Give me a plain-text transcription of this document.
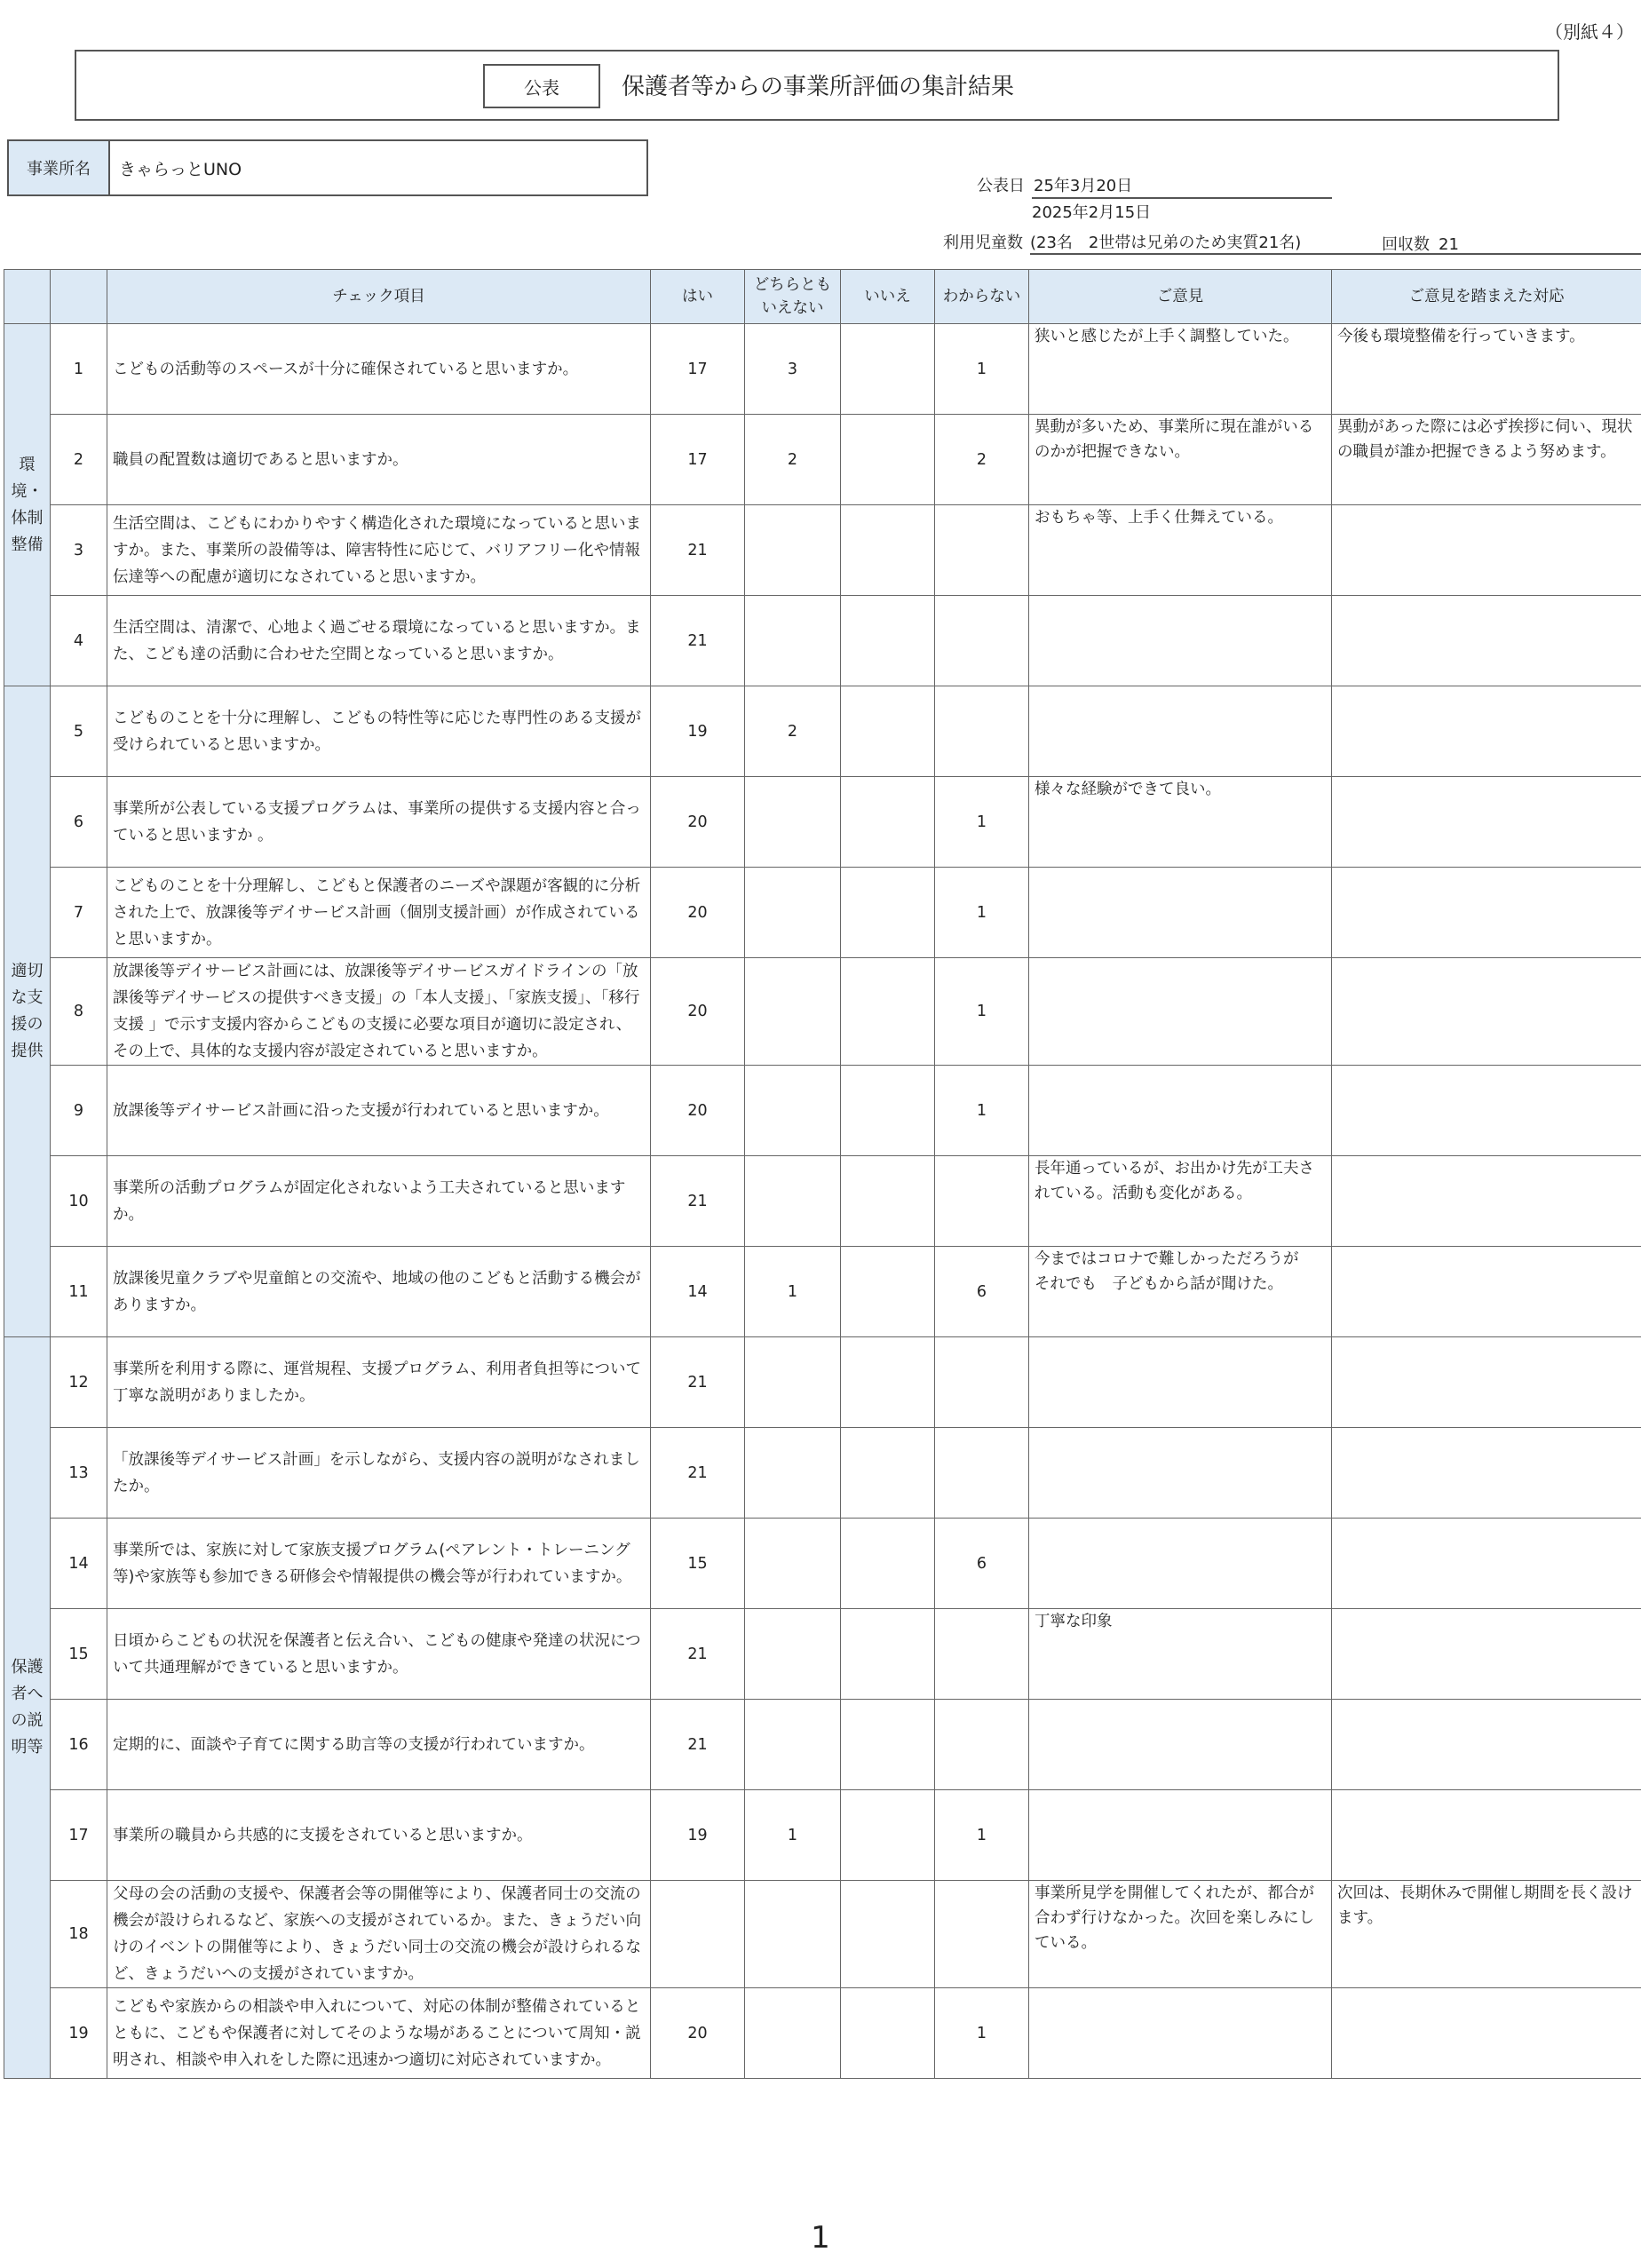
（別紙４）
公表	保護者等からの事業所評価の集計結果
事業所名	きゃらっとUNO
公表日 25年3月20日
2025年2月15日
利用児童数 (23名　2世帯は兄弟のため実質21名)	回収数 21
		チェック項目	はい	どちらとも
いえない	いいえ	わからない	ご意見	ご意見を踏まえた対応
環
境・
体制
整備	1	こどもの活動等のスペースが十分に確保されていると思いますか。	17	3		1	狭いと感じたが上手く調整していた。	今後も環境整備を行っていきます。
	2	職員の配置数は適切であると思いますか。	17	2		2	異動が多いため、事業所に現在誰がいるのかが把握できない。	異動があった際には必ず挨拶に伺い、現状の職員が誰か把握できるよう努めます。
	3	生活空間は、こどもにわかりやすく構造化された環境になっていると思いますか。また、事業所の設備等は、障害特性に応じて、バリアフリー化や情報伝達等への配慮が適切になされていると思いますか。	21				おもちゃ等、上手く仕舞えている。	
	4	生活空間は、清潔で、心地よく過ごせる環境になっていると思いますか。また、こども達の活動に合わせた空間となっていると思いますか。	21					
適切
な支
援の
提供	5	こどものことを十分に理解し、こどもの特性等に応じた専門性のある支援が受けられていると思いますか。	19	2				
	6	事業所が公表している支援プログラムは、事業所の提供する支援内容と合っていると思いますか 。	20			1	様々な経験ができて良い。	
	7	こどものことを十分理解し、こどもと保護者のニーズや課題が客観的に分析された上で、放課後等デイサービス計画（個別支援計画）が作成されていると思いますか。	20			1		
	8	放課後等デイサービス計画には、放課後等デイサービスガイドラインの「放課後等デイサービスの提供すべき支援」の「本人支援」、「家族支援」、「移行支援 」で示す支援内容からこどもの支援に必要な項目が適切に設定され、その上で、具体的な支援内容が設定されていると思いますか。	20			1		
	9	放課後等デイサービス計画に沿った支援が行われていると思いますか。	20			1		
	10	事業所の活動プログラムが固定化されないよう工夫されていると思いますか。	21				長年通っているが、お出かけ先が工夫されている。活動も変化がある。	
	11	放課後児童クラブや児童館との交流や、地域の他のこどもと活動する機会がありますか。	14	1		6	今まではコロナで難しかっただろうが
それでも　子どもから話が聞けた。	
保護
者へ
の説
明等	12	事業所を利用する際に、運営規程、支援プログラム、利用者負担等について丁寧な説明がありましたか。	21					
	13	「放課後等デイサービス計画」を示しながら、支援内容の説明がなされましたか。	21					
	14	事業所では、家族に対して家族支援プログラム(ペアレント・トレーニング等)や家族等も参加できる研修会や情報提供の機会等が行われていますか。	15			6		
	15	日頃からこどもの状況を保護者と伝え合い、こどもの健康や発達の状況について共通理解ができていると思いますか。	21				丁寧な印象	
	16	定期的に、面談や子育てに関する助言等の支援が行われていますか。	21					
	17	事業所の職員から共感的に支援をされていると思いますか。	19	1		1		
	18	父母の会の活動の支援や、保護者会等の開催等により、保護者同士の交流の機会が設けられるなど、家族への支援がされているか。また、きょうだい向けのイベントの開催等により、きょうだい同士の交流の機会が設けられるなど、きょうだいへの支援がされていますか。					事業所見学を開催してくれたが、都合が合わず行けなかった。次回を楽しみにしている。	次回は、長期休みで開催し期間を長く設けます。
	19	こどもや家族からの相談や申入れについて、対応の体制が整備されているとともに、こどもや保護者に対してそのような場があることについて周知・説明され、相談や申入れをした際に迅速かつ適切に対応されていますか。	20			1		
1
